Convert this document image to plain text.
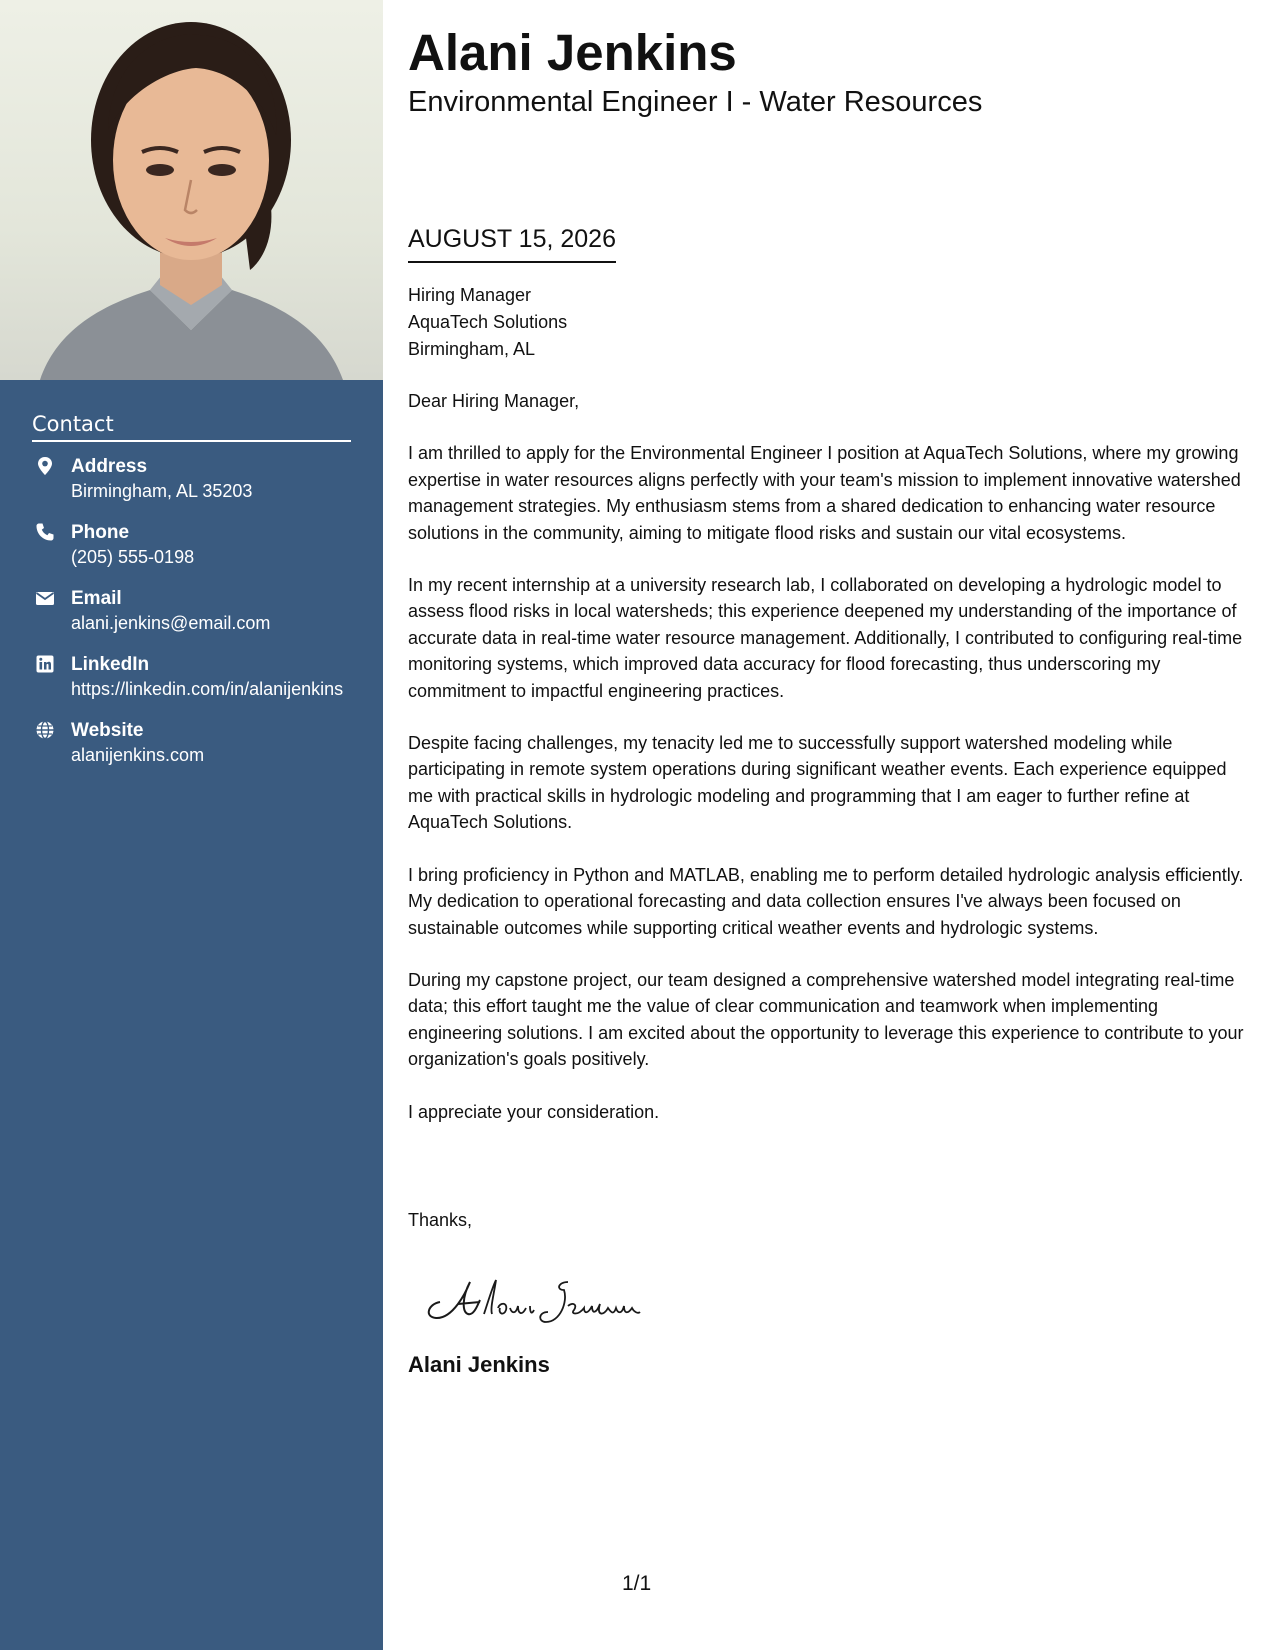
Contact
Address
Birmingham, AL 35203
Phone
(205) 555-0198
Email
alani.jenkins@email.com
LinkedIn
https://linkedin.com/in/alanijenkins
Website
alanijenkins.com
Alani Jenkins
Environmental Engineer I - Water Resources
AUGUST 15, 2026
Hiring Manager
AquaTech Solutions
Birmingham, AL

Dear Hiring Manager,

I am thrilled to apply for the Environmental Engineer I position at AquaTech Solutions, where my growing expertise in water resources aligns perfectly with your team's mission to implement innovative watershed management strategies. My enthusiasm stems from a shared dedication to enhancing water resource solutions in the community, aiming to mitigate flood risks and sustain our vital ecosystems.

In my recent internship at a university research lab, I collaborated on developing a hydrologic model to assess flood risks in local watersheds; this experience deepened my understanding of the importance of accurate data in real-time water resource management. Additionally, I contributed to configuring real-time monitoring systems, which improved data accuracy for flood forecasting, thus underscoring my commitment to impactful engineering practices.

Despite facing challenges, my tenacity led me to successfully support watershed modeling while participating in remote system operations during significant weather events. Each experience equipped me with practical skills in hydrologic modeling and programming that I am eager to further refine at AquaTech Solutions.

I bring proficiency in Python and MATLAB, enabling me to perform detailed hydrologic analysis efficiently. My dedication to operational forecasting and data collection ensures I've always been focused on sustainable outcomes while supporting critical weather events and hydrologic systems.

During my capstone project, our team designed a comprehensive watershed model integrating real-time data; this effort taught me the value of clear communication and teamwork when implementing engineering solutions. I am excited about the opportunity to leverage this experience to contribute to your organization's goals positively.

I appreciate your consideration.

Thanks,
Alani Jenkins
1/1
